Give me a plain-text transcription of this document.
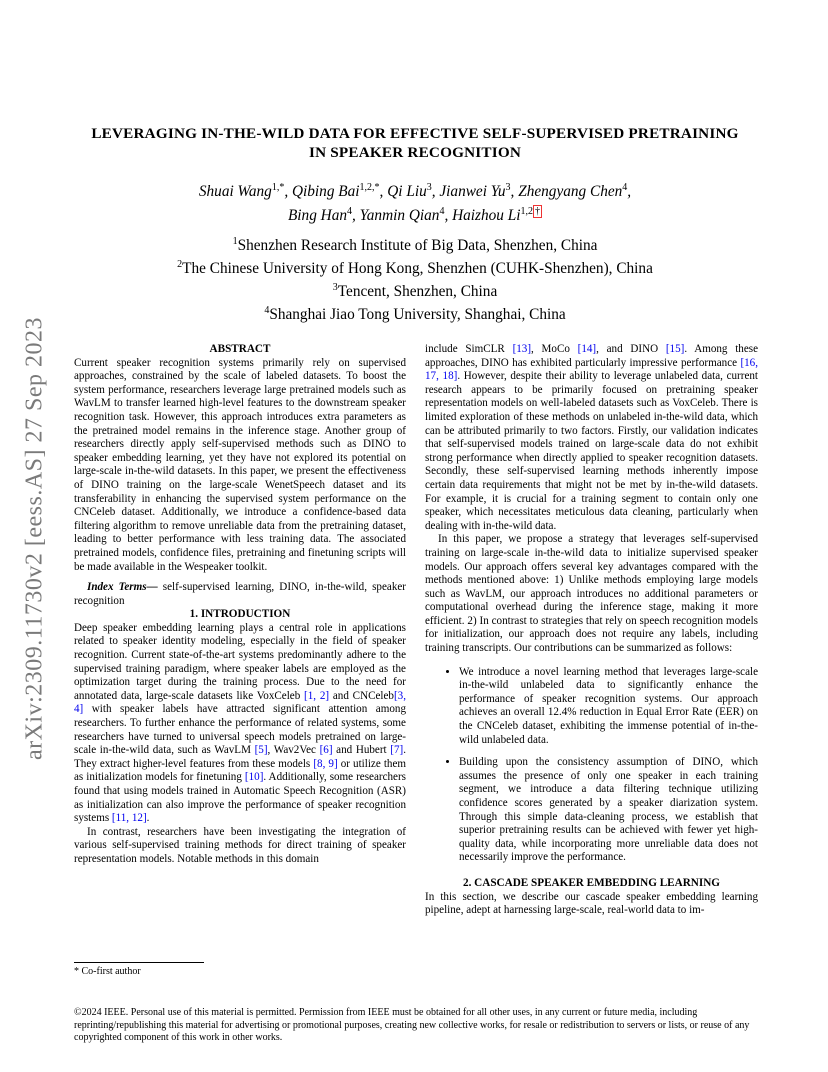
arXiv:2309.11730v2 [eess.AS] 27 Sep 2023
LEVERAGING IN-THE-WILD DATA FOR EFFECTIVE SELF-SUPERVISED PRETRAINING
IN SPEAKER RECOGNITION
Shuai Wang$^{1,*}$, Qibing Bai$^{1,2,*}$, Qi Liu$^3$, Jianwei Yu$^3$, Zhengyang Chen$^4$,
Bing Han$^4$, Yanmin Qian$^4$, Haizhou Li$^{1,2}$ †
$^1$Shenzhen Research Institute of Big Data, Shenzhen, China
$^2$The Chinese University of Hong Kong, Shenzhen (CUHK-Shenzhen), China
$^3$Tencent, Shenzhen, China
$^4$Shanghai Jiao Tong University, Shanghai, China

ABSTRACT

Current speaker recognition systems primarily rely on supervised approaches, constrained by the scale of labeled datasets. To boost the system performance, researchers leverage large pretrained models such as WavLM to transfer learned high-level features to the downstream speaker recognition task. However, this approach introduces extra parameters as the pretrained model remains in the inference stage. Another group of researchers directly apply self-supervised methods such as DINO to speaker embedding learning, yet they have not explored its potential on large-scale in-the-wild datasets. In this paper, we present the effectiveness of DINO training on the large-scale WenetSpeech dataset and its transferability in enhancing the supervised system performance on the CNCeleb dataset. Additionally, we introduce a confidence-based data filtering algorithm to remove unreliable data from the pretraining dataset, leading to better performance with less training data. The associated pretrained models, confidence files, pretraining and finetuning scripts will be made available in the Wespeaker toolkit.

Index Terms— self-supervised learning, DINO, in-the-wild, speaker recognition

1. INTRODUCTION

Deep speaker embedding learning plays a central role in applications related to speaker identity modeling, especially in the field of speaker recognition. Current state-of-the-art systems predominantly adhere to the supervised training paradigm, where speaker labels are employed as the optimization target during the training process. Due to the need for annotated data, large-scale datasets like VoxCeleb [1, 2] and CNCeleb[3, 4] with speaker labels have attracted significant attention among researchers. To further enhance the performance of related systems, some researchers have turned to universal speech models pretrained on large-scale in-the-wild data, such as WavLM [5], Wav2Vec [6] and Hubert [7]. They extract higher-level features from these models [8, 9] or utilize them as initialization models for finetuning [10]. Additionally, some researchers found that using models trained in Automatic Speech Recognition (ASR) as initialization can also improve the performance of speaker recognition systems [11, 12].

In contrast, researchers have been investigating the integration of various self-supervised training methods for direct training of speaker representation models. Notable methods in this domain

include SimCLR [13], MoCo [14], and DINO [15]. Among these approaches, DINO has exhibited particularly impressive performance [16, 17, 18]. However, despite their ability to leverage unlabeled data, current research appears to be primarily focused on pretraining speaker representation models on well-labeled datasets such as VoxCeleb. There is limited exploration of these methods on unlabeled in-the-wild data, which can be attributed primarily to two factors. Firstly, our validation indicates that self-supervised models trained on large-scale data do not exhibit strong performance when directly applied to speaker recognition datasets. Secondly, these self-supervised learning methods inherently impose certain data requirements that might not be met by in-the-wild datasets. For example, it is crucial for a training segment to contain only one speaker, which necessitates meticulous data cleaning, particularly when dealing with in-the-wild data.

In this paper, we propose a strategy that leverages self-supervised training on large-scale in-the-wild data to initialize supervised speaker models. Our approach offers several key advantages compared with the methods mentioned above: 1) Unlike methods employing large models such as WavLM, our approach introduces no additional parameters or computational overhead during the inference stage, making it more efficient. 2) In contrast to strategies that rely on speech recognition models for initialization, our approach does not require any labels, including training transcripts. Our contributions can be summarized as follows:

• We introduce a novel learning method that leverages large-scale in-the-wild unlabeled data to significantly enhance the performance of speaker recognition systems. Our approach achieves an overall 12.4% reduction in Equal Error Rate (EER) on the CNCeleb dataset, exhibiting the immense potential of in-the-wild unlabeled data.
• Building upon the consistency assumption of DINO, which assumes the presence of only one speaker in each training segment, we introduce a data filtering technique utilizing confidence scores generated by a speaker diarization system. Through this simple data-cleaning process, we establish that superior pretraining results can be achieved with fewer yet high-quality data, while incorporating more unreliable data does not necessarily improve the performance.

2. CASCADE SPEAKER EMBEDDING LEARNING

In this section, we describe our cascade speaker embedding learning pipeline, adept at harnessing large-scale, real-world data to im-

* Co-first author
©2024 IEEE. Personal use of this material is permitted. Permission from IEEE must be obtained for all other uses, in any current or future media, including reprinting/republishing this material for advertising or promotional purposes, creating new collective works, for resale or redistribution to servers or lists, or reuse of any copyrighted component of this work in other works.
